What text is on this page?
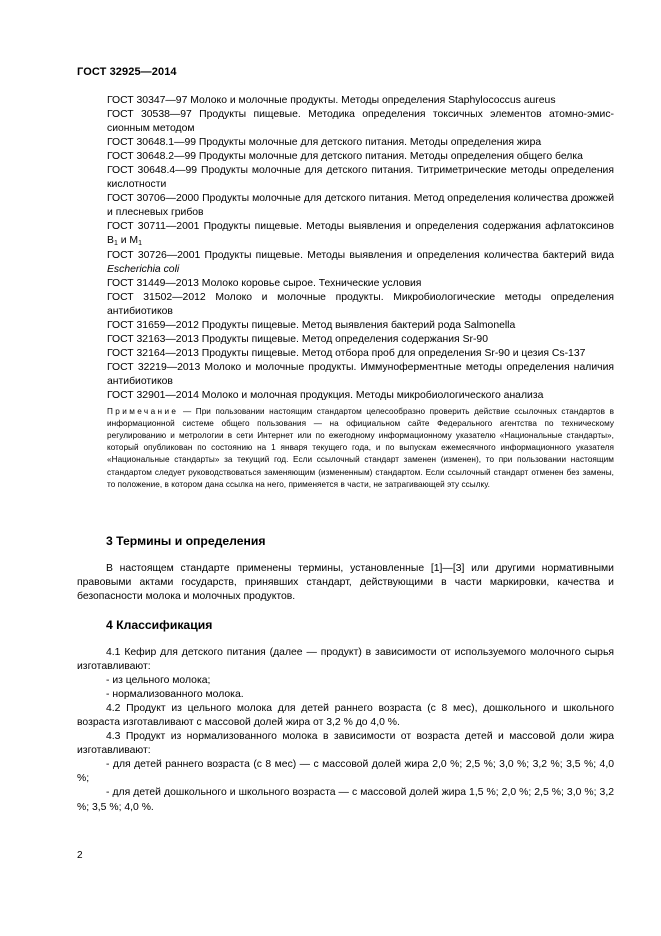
ГОСТ 32925—2014
ГОСТ 30347—97 Молоко и молочные продукты. Методы определения Staphylococcus aureus
ГОСТ 30538—97 Продукты пищевые. Методика определения токсичных элементов атомно-эмиссионным методом
ГОСТ 30648.1—99 Продукты молочные для детского питания. Методы определения жира
ГОСТ 30648.2—99 Продукты молочные для детского питания. Методы определения общего белка
ГОСТ 30648.4—99 Продукты молочные для детского питания. Титриметрические методы определения кислотности
ГОСТ 30706—2000 Продукты молочные для детского питания. Метод определения количества дрожжей и плесневых грибов
ГОСТ 30711—2001 Продукты пищевые. Методы выявления и определения содержания афлатоксинов $B_1$ и $M_1$
ГОСТ 30726—2001 Продукты пищевые. Методы выявления и определения количества бактерий вида Escherichia coli
ГОСТ 31449—2013 Молоко коровье сырое. Технические условия
ГОСТ 31502—2012 Молоко и молочные продукты. Микробиологические методы определения антибиотиков
ГОСТ 31659—2012 Продукты пищевые. Метод выявления бактерий рода Salmonella
ГОСТ 32163—2013 Продукты пищевые. Метод определения содержания Sr-90
ГОСТ 32164—2013 Продукты пищевые. Метод отбора проб для определения Sr-90 и цезия Cs-137
ГОСТ 32219—2013 Молоко и молочные продукты. Иммуноферментные методы определения наличия антибиотиков
ГОСТ 32901—2014 Молоко и молочная продукция. Методы микробиологического анализа
Примечание — При пользовании настоящим стандартом целесообразно проверить действие ссылочных стандартов в информационной системе общего пользования — на официальном сайте Федерального агентства по техническому регулированию и метрологии в сети Интернет или по ежегодному информационному указателю «Национальные стандарты», который опубликован по состоянию на 1 января текущего года, и по выпускам ежемесячного информационного указателя «Национальные стандарты» за текущий год. Если ссылочный стандарт заменен (изменен), то при пользовании настоящим стандартом следует руководствоваться заменяющим (измененным) стандартом. Если ссылочный стандарт отменен без замены, то положение, в котором дана ссылка на него, применяется в части, не затрагивающей эту ссылку.
3 Термины и определения
В настоящем стандарте применены термины, установленные [1]—[3] или другими нормативными правовыми актами государств, принявших стандарт, действующими в части маркировки, качества и безопасности молока и молочных продуктов.
4 Классификация
4.1 Кефир для детского питания (далее — продукт) в зависимости от используемого молочного сырья изготавливают:
- из цельного молока;
- нормализованного молока.
4.2 Продукт из цельного молока для детей раннего возраста (с 8 мес), дошкольного и школьного возраста изготавливают с массовой долей жира от 3,2 % до 4,0 %.
4.3 Продукт из нормализованного молока в зависимости от возраста детей и массовой доли жира изготавливают:
- для детей раннего возраста (с 8 мес) — с массовой долей жира 2,0 %; 2,5 %; 3,0 %; 3,2 %; 3,5 %; 4,0 %;
- для детей дошкольного и школьного возраста — с массовой долей жира 1,5 %; 2,0 %; 2,5 %; 3,0 %; 3,2 %; 3,5 %; 4,0 %.
2
